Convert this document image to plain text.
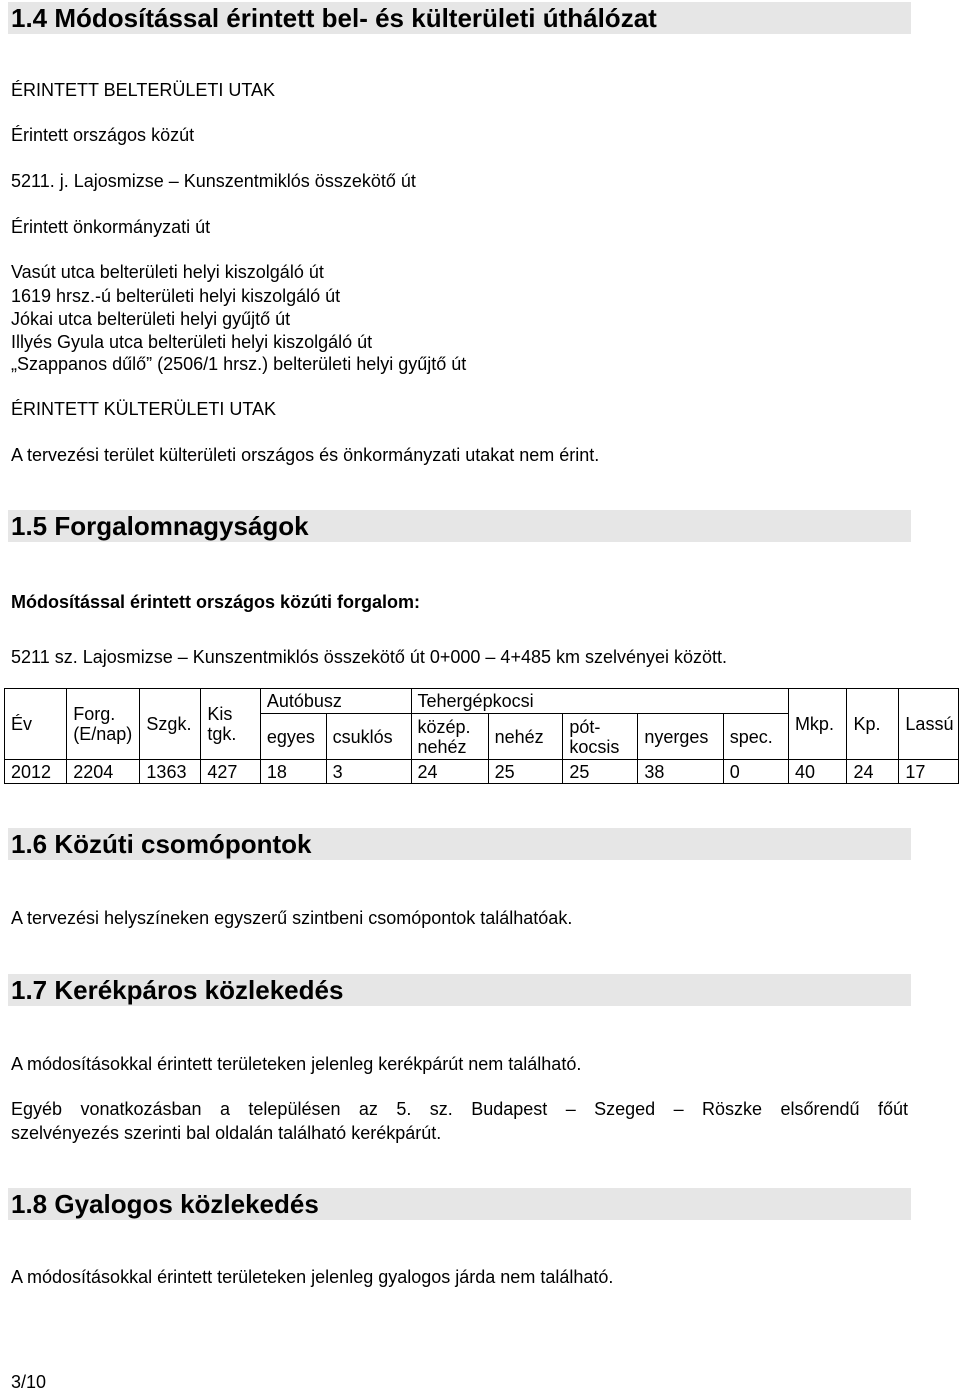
1.4 Módosítással érintett bel- és külterületi úthálózat

ÉRINTETT BELTERÜLETI UTAK

Érintett országos közút

5211. j. Lajosmizse – Kunszentmiklós összekötő út

Érintett önkormányzati út

Vasút utca belterületi helyi kiszolgáló út

1619 hrsz.-ú belterületi helyi kiszolgáló út

Jókai utca belterületi helyi gyűjtő út

Illyés Gyula utca belterületi helyi kiszolgáló út

„Szappanos dűlő” (2506/1 hrsz.) belterületi helyi gyűjtő út

ÉRINTETT KÜLTERÜLETI UTAK

A tervezési terület külterületi országos és önkormányzati utakat nem érint.

1.5 Forgalomnagyságok

Módosítással érintett országos közúti forgalom:

5211 sz. Lajosmizse – Kunszentmiklós összekötő út 0+000 – 4+485 km szelvényei között.

Év	Forg. (E/nap)	Szgk.	Kis tgk.	Autóbusz		Tehergépkocsi					Mkp.	Kp.	Lassú
				egyes	csuklós	közép. nehéz	nehéz	pót- kocsis	nyerges	spec.			
2012	2204	1363	427	18	3	24	25	25	38	0	40	24	17
1.6 Közúti csomópontok

A tervezési helyszíneken egyszerű szintbeni csomópontok találhatóak.

1.7 Kerékpáros közlekedés

A módosításokkal érintett területeken jelenleg kerékpárút nem található.

Egyéb vonatkozásban a településen az 5. sz. Budapest – Szeged – Röszke elsőrendű főút

szelvényezés szerinti bal oldalán található kerékpárút.

1.8 Gyalogos közlekedés

A módosításokkal érintett területeken jelenleg gyalogos járda nem található.

3/10
